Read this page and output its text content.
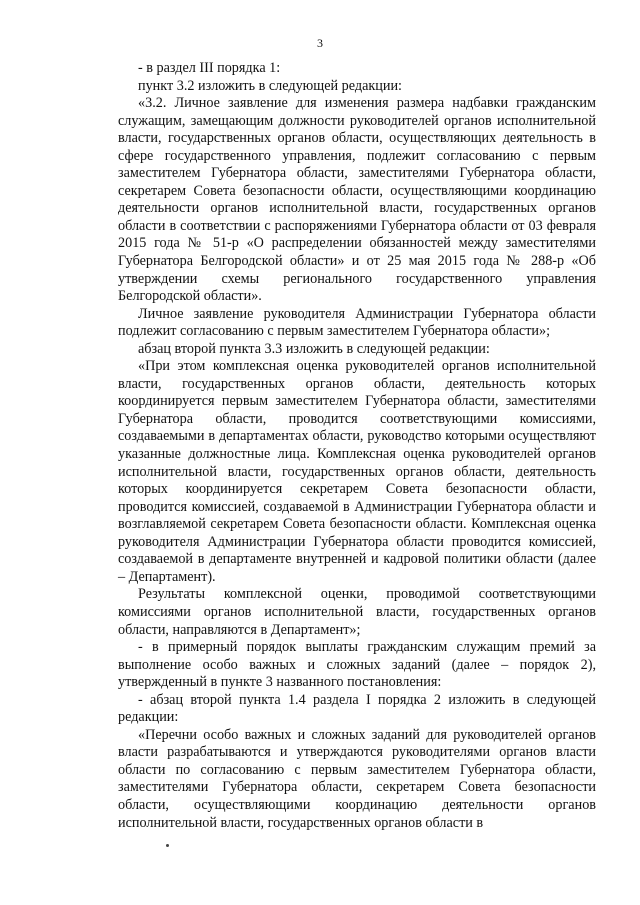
3

- в раздел III порядка 1:

пункт 3.2 изложить в следующей редакции:

«3.2. Личное заявление для изменения размера надбавки гражданским служащим, замещающим должности руководителей органов исполнительной власти, государственных органов области, осуществляющих деятельность в сфере государственного управления, подлежит согласованию с первым заместителем Губернатора области, заместителями Губернатора области, секретарем Совета безопасности области, осуществляющими координацию деятельности органов исполнительной власти, государственных органов области в соответствии с распоряжениями Губернатора области от 03 февраля 2015 года № 51-р «О распределении обязанностей между заместителями Губернатора Белгородской области» и от 25 мая 2015 года № 288-р «Об утверждении схемы регионального государственного управления Белгородской области».

Личное заявление руководителя Администрации Губернатора области подлежит согласованию с первым заместителем Губернатора области»;

абзац второй пункта 3.3 изложить в следующей редакции:

«При этом комплексная оценка руководителей органов исполнительной власти, государственных органов области, деятельность которых координируется первым заместителем Губернатора области, заместителями Губернатора области, проводится соответствующими комиссиями, создаваемыми в департаментах области, руководство которыми осуществляют указанные должностные лица. Комплексная оценка руководителей органов исполнительной власти, государственных органов области, деятельность которых координируется секретарем Совета безопасности области, проводится комиссией, создаваемой в Администрации Губернатора области и возглавляемой секретарем Совета безопасности области. Комплексная оценка руководителя Администрации Губернатора области проводится комиссией, создаваемой в департаменте внутренней и кадровой политики области (далее – Департамент).

Результаты комплексной оценки, проводимой соответствующими комиссиями органов исполнительной власти, государственных органов области, направляются в Департамент»;

- в примерный порядок выплаты гражданским служащим премий за выполнение особо важных и сложных заданий (далее – порядок 2), утвержденный в пункте 3 названного постановления:

- абзац второй пункта 1.4 раздела I порядка 2 изложить в следующей редакции:

«Перечни особо важных и сложных заданий для руководителей органов власти разрабатываются и утверждаются руководителями органов власти области по согласованию с первым заместителем Губернатора области, заместителями Губернатора области, секретарем Совета безопасности области, осуществляющими координацию деятельности органов исполнительной власти, государственных органов области в
